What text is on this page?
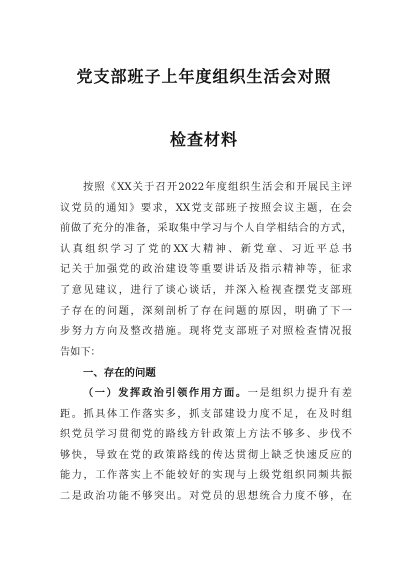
党支部班子上年度组织生活会对照
检查材料
按照《XX关于召开2022年度组织生活会和开展民主评
议党员的通知》要求，XX党支部班子按照会议主题，在会
前做了充分的准备，采取集中学习与个人自学相结合的方式，
认真组织学习了党的XX大精神、新党章、习近平总书
记关于加强党的政治建设等重要讲话及指示精神等，征求
了意见建议，进行了谈心谈话，并深入检视查摆党支部班
子存在的问题，深刻剖析了存在问题的原因，明确了下一
步努力方向及整改措施。现将党支部班子对照检查情况报
告如下：
一、存在的问题
（一）发挥政治引领作用方面。一是组织力提升有差
距。抓具体工作落实多，抓支部建设力度不足，在及时组
织党员学习贯彻党的路线方针政策上方法不够多、步伐不
够快，导致在党的政策路线的传达贯彻上缺乏快速反应的
能力，工作落实上不能较好的实现与上级党组织同频共振
二是政治功能不够突出。对党员的思想统合力度不够，在
